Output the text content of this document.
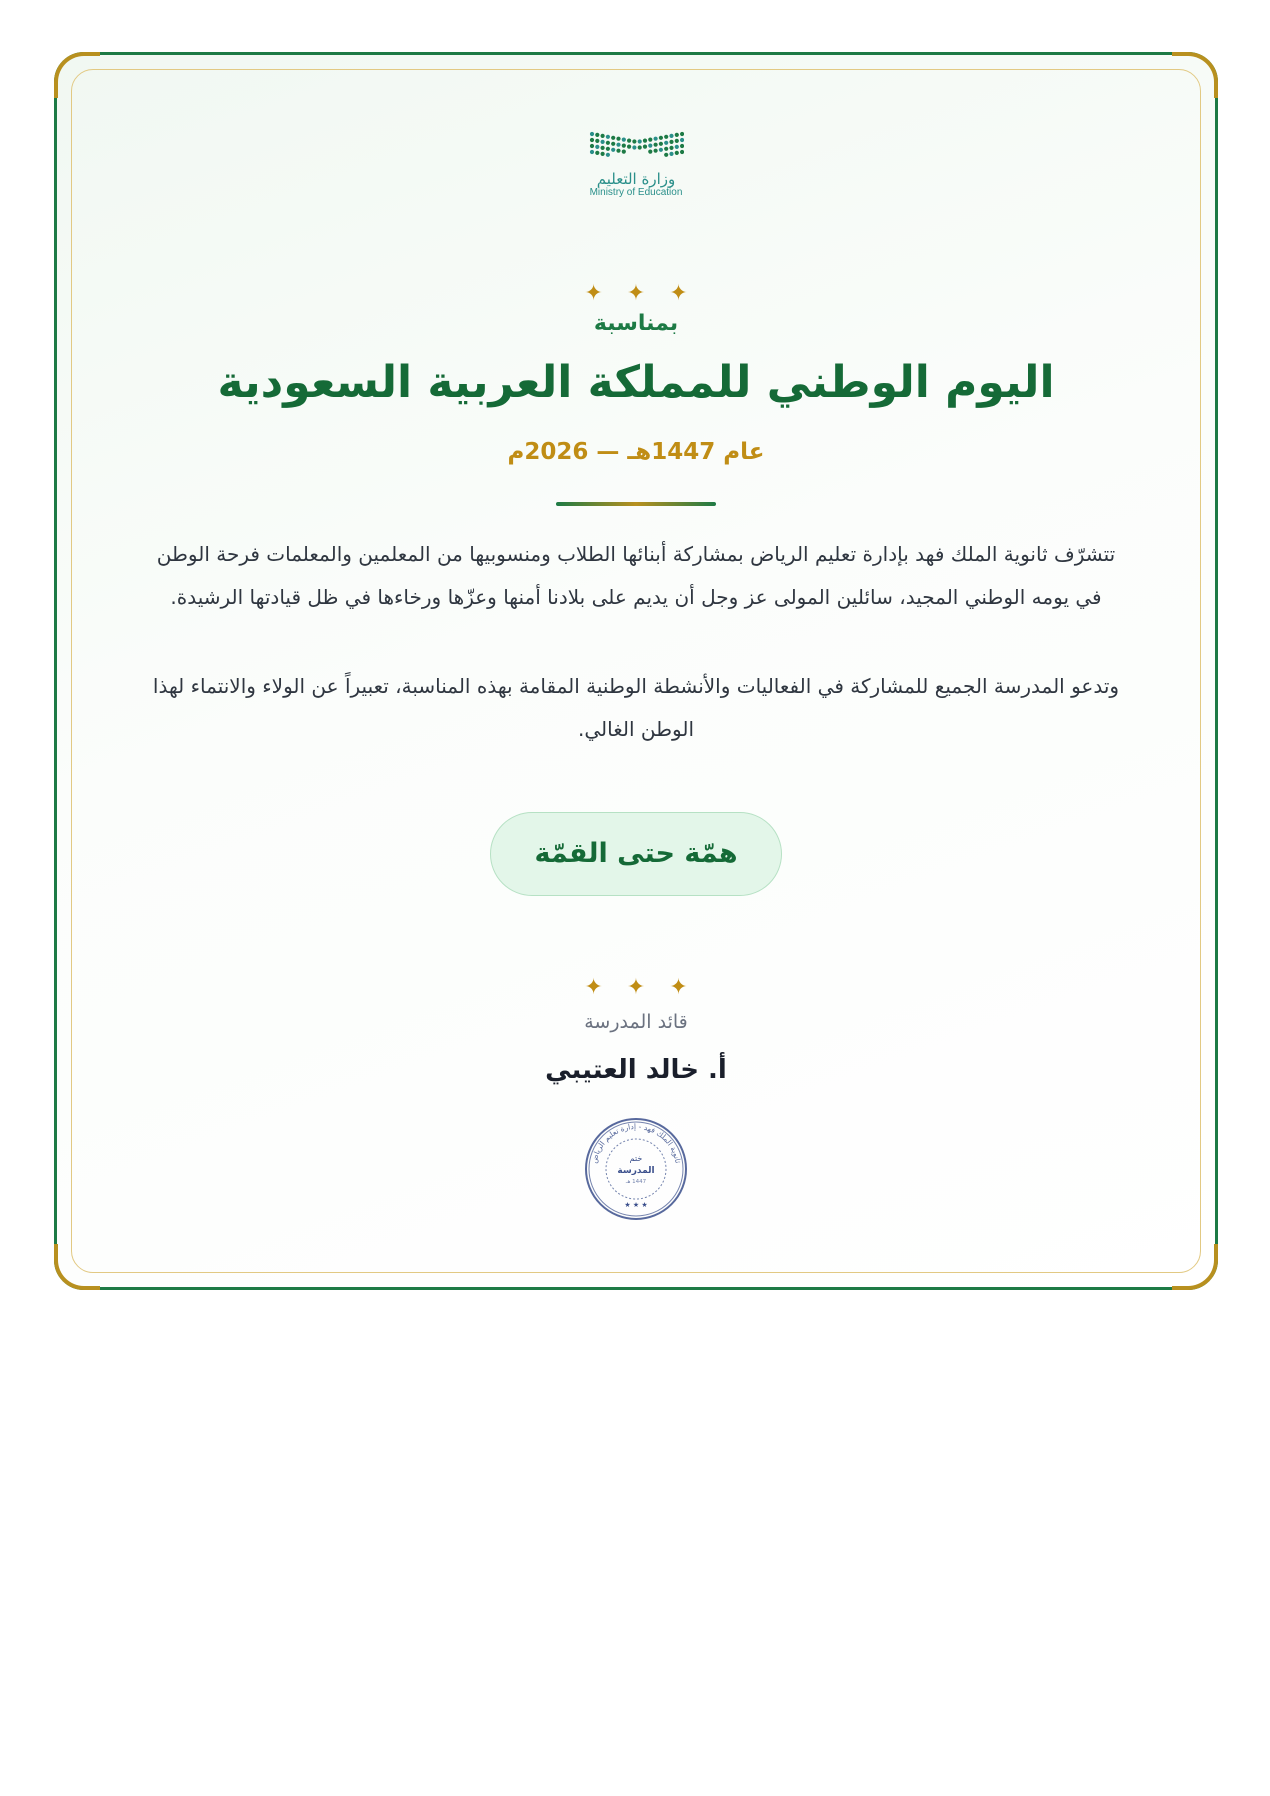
وزارة التعليم
Ministry of Education
✦✦✦
بمناسبة
اليوم الوطني للمملكة العربية السعودية
عام 1447هـ — 2026م
تتشرّف ثانوية الملك فهد بإدارة تعليم الرياض بمشاركة أبنائها الطلاب ومنسوبيها من المعلمين والمعلمات فرحة الوطن في يومه الوطني المجيد، سائلين المولى عز وجل أن يديم على بلادنا أمنها وعزّها ورخاءها في ظل قيادتها الرشيدة.
وتدعو المدرسة الجميع للمشاركة في الفعاليات والأنشطة الوطنية المقامة بهذه المناسبة، تعبيراً عن الولاء والانتماء لهذا الوطن الغالي.
همّة حتى القمّة
✦✦✦
قائد المدرسة
أ. خالد العتيبي
ثانوية الملك فهد - إدارة تعليم الرياض
ختم
المدرسة
1447 هـ
★ ★ ★
